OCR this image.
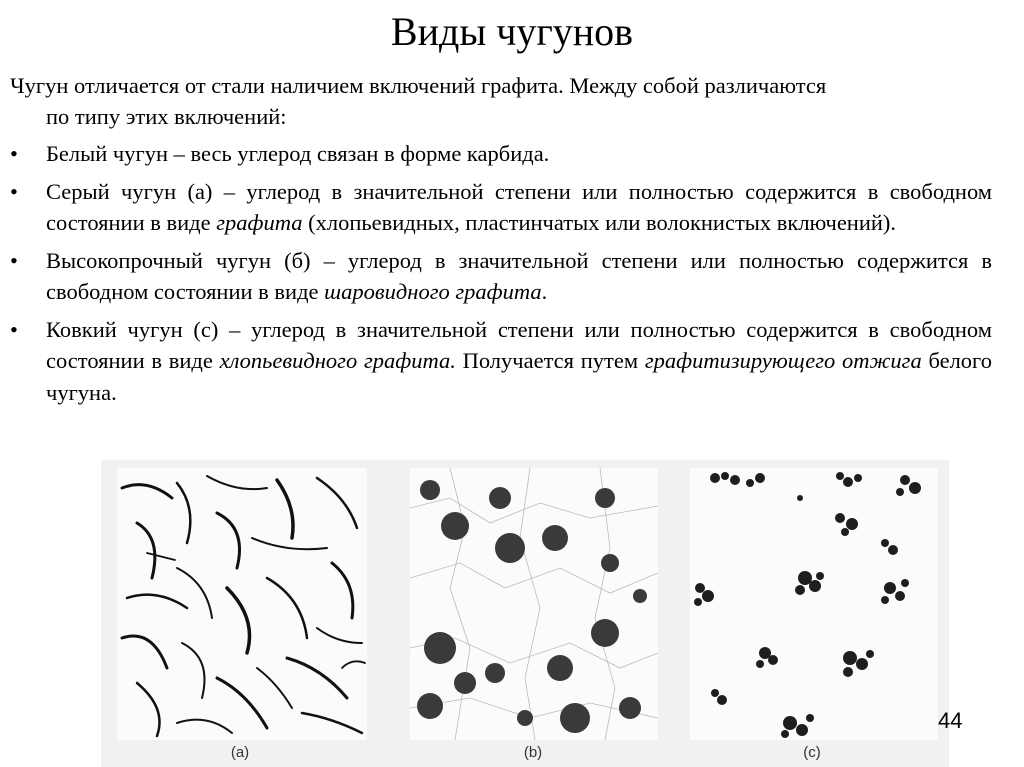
Виды чугунов
Чугун отличается от стали наличием включений графита. Между собой различаются
по типу этих включений:
• Белый чугун – весь углерод связан в форме карбида.
• Серый чугун (а) – углерод в значительной степени или полностью содержится в свободном состоянии в виде графита (хлопьевидных, пластинчатых или волокнистых включений).
• Высокопрочный чугун (б) – углерод в значительной степени или полностью содержится в свободном состоянии в виде шаровидного графита.
• Ковкий чугун (с) – углерод в значительной степени или полностью содержится в свободном состоянии в виде хлопьевидного графита. Получается путем графитизирующего отжига белого чугуна.
(a)	(b)	(c)
44
